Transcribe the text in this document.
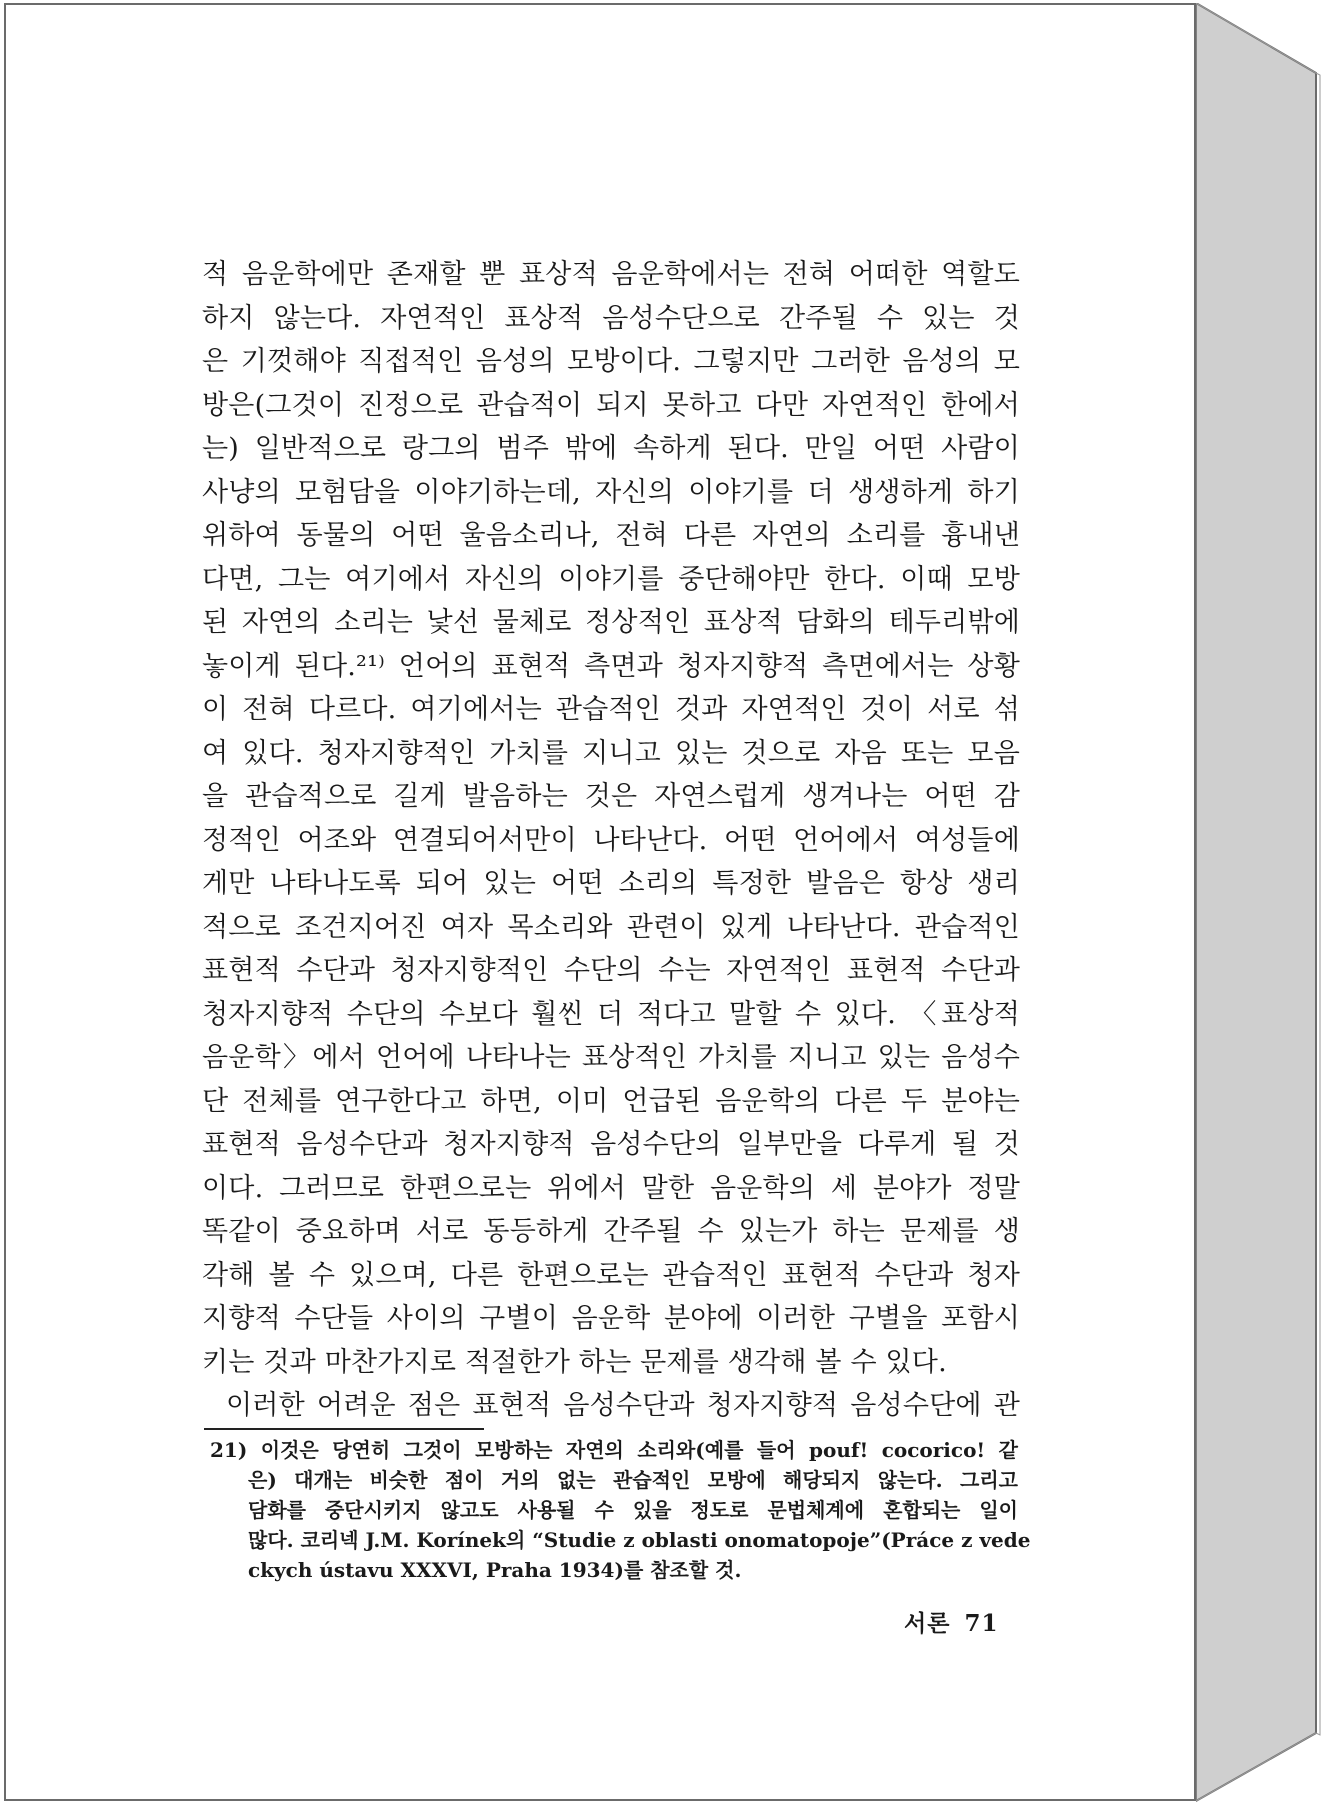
적 음운학에만 존재할 뿐 표상적 음운학에서는 전혀 어떠한 역할도
하지 않는다. 자연적인 표상적 음성수단으로 간주될 수 있는 것
은 기껏해야 직접적인 음성의 모방이다. 그렇지만 그러한 음성의 모
방은(그것이 진정으로 관습적이 되지 못하고 다만 자연적인 한에서
는) 일반적으로 랑그의 범주 밖에 속하게 된다. 만일 어떤 사람이
사냥의 모험담을 이야기하는데, 자신의 이야기를 더 생생하게 하기
위하여 동물의 어떤 울음소리나, 전혀 다른 자연의 소리를 흉내낸
다면, 그는 여기에서 자신의 이야기를 중단해야만 한다. 이때 모방
된 자연의 소리는 낯선 물체로 정상적인 표상적 담화의 테두리밖에
놓이게 된다.²¹⁾ 언어의 표현적 측면과 청자지향적 측면에서는 상황
이 전혀 다르다. 여기에서는 관습적인 것과 자연적인 것이 서로 섞
여 있다. 청자지향적인 가치를 지니고 있는 것으로 자음 또는 모음
을 관습적으로 길게 발음하는 것은 자연스럽게 생겨나는 어떤 감
정적인 어조와 연결되어서만이 나타난다. 어떤 언어에서 여성들에
게만 나타나도록 되어 있는 어떤 소리의 특정한 발음은 항상 생리
적으로 조건지어진 여자 목소리와 관련이 있게 나타난다. 관습적인
표현적 수단과 청자지향적인 수단의 수는 자연적인 표현적 수단과
청자지향적 수단의 수보다 훨씬 더 적다고 말할 수 있다. 〈표상적
음운학〉에서 언어에 나타나는 표상적인 가치를 지니고 있는 음성수
단 전체를 연구한다고 하면, 이미 언급된 음운학의 다른 두 분야는
표현적 음성수단과 청자지향적 음성수단의 일부만을 다루게 될 것
이다. 그러므로 한편으로는 위에서 말한 음운학의 세 분야가 정말
똑같이 중요하며 서로 동등하게 간주될 수 있는가 하는 문제를 생
각해 볼 수 있으며, 다른 한편으로는 관습적인 표현적 수단과 청자
지향적 수단들 사이의 구별이 음운학 분야에 이러한 구별을 포함시
키는 것과 마찬가지로 적절한가 하는 문제를 생각해 볼 수 있다.
이러한 어려운 점은 표현적 음성수단과 청자지향적 음성수단에 관
21) 이것은 당연히 그것이 모방하는 자연의 소리와(예를 들어 pouf! cocorico! 같
은) 대개는 비슷한 점이 거의 없는 관습적인 모방에 해당되지 않는다. 그리고
담화를 중단시키지 않고도 사용될 수 있을 정도로 문법체계에 혼합되는 일이
많다. 코리넥 J.M. Korínek의 “Studie z oblasti onomatopoje”(Práce z vede
ckych ústavu XXXVI, Praha 1934)를 참조할 것.
서론 71
